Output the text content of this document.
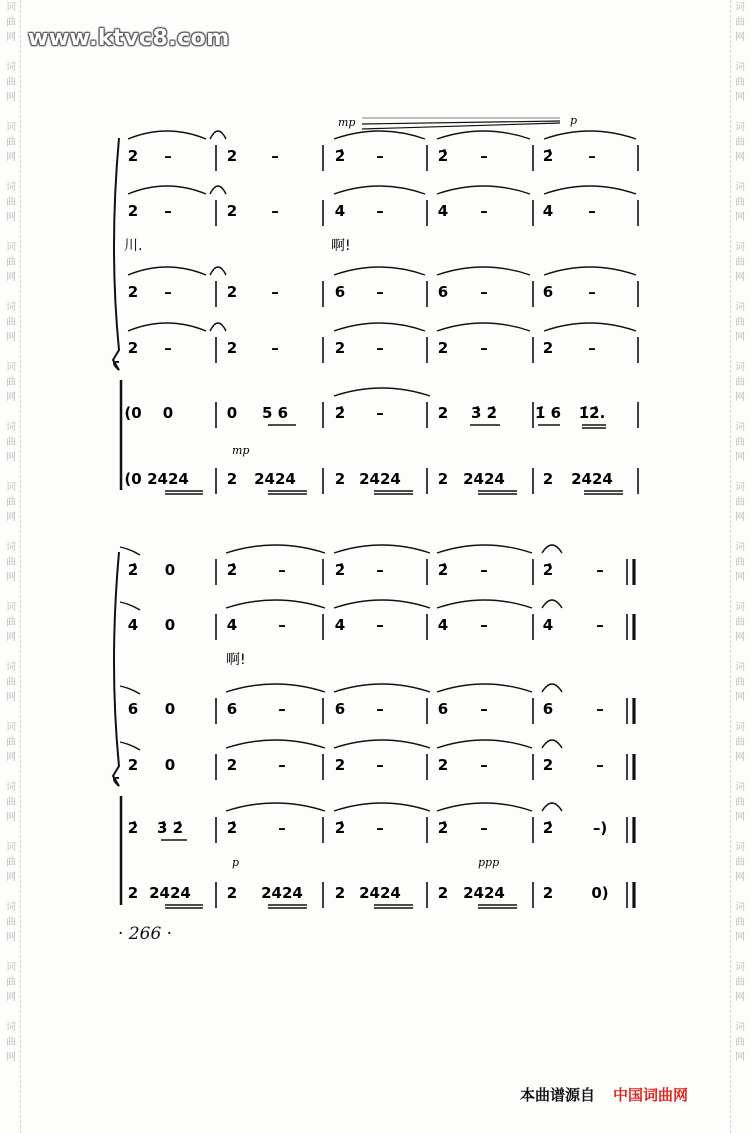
词
曲
网
词
曲
网
词
曲
网
词
曲
网
词
曲
网
词
曲
网
词
曲
网
词
曲
网
词
曲
网
词
曲
网
词
曲
网
词
曲
网
词
曲
网
词
曲
网
词
曲
网
词
曲
网
词
曲
网
词
曲
网
词
曲
网
词
曲
网
词
曲
网
词
曲
网
词
曲
网
词
曲
网
词
曲
网
词
曲
网
词
曲
网
词
曲
网
词
曲
网
词
曲
网
词
曲
网
词
曲
网
词
曲
网
词
曲
网
词
曲
网
词
曲
网
www.ktvc8.com
2 –	2 –	2̇ –	2̇ –	2̇ –
2 –	2 –	4 –	4 –	4 –
2 –	2 –	6 –	6 –	6 –
2 –	2 –	2 –	2 –	2 –
(0 0	0 5 6	2̇ –	2 3̇ 2̇	1̇ 6 1̇2̇.
(0 2424	2 2424	2 2424 2 2424	2 2424
mp	p
mp
川.	啊!
2̇ 0	2̇	–	2̇ –	2̇ –	2̇	–
4 0	4	–	4 –	4 –	4	–
6 0	6	–	6 –	6 –	6	–
2 0	2	–	2 –	2 –	2	–
2̇ 3̇ 2̇	2̇	–	2̇ –	2̇ –	2̇	–)
2 2424 2 2424 2 2424 2 2424	2	0)
p	ppp
啊!
· 266 ·
本曲谱源自 中国词曲网
